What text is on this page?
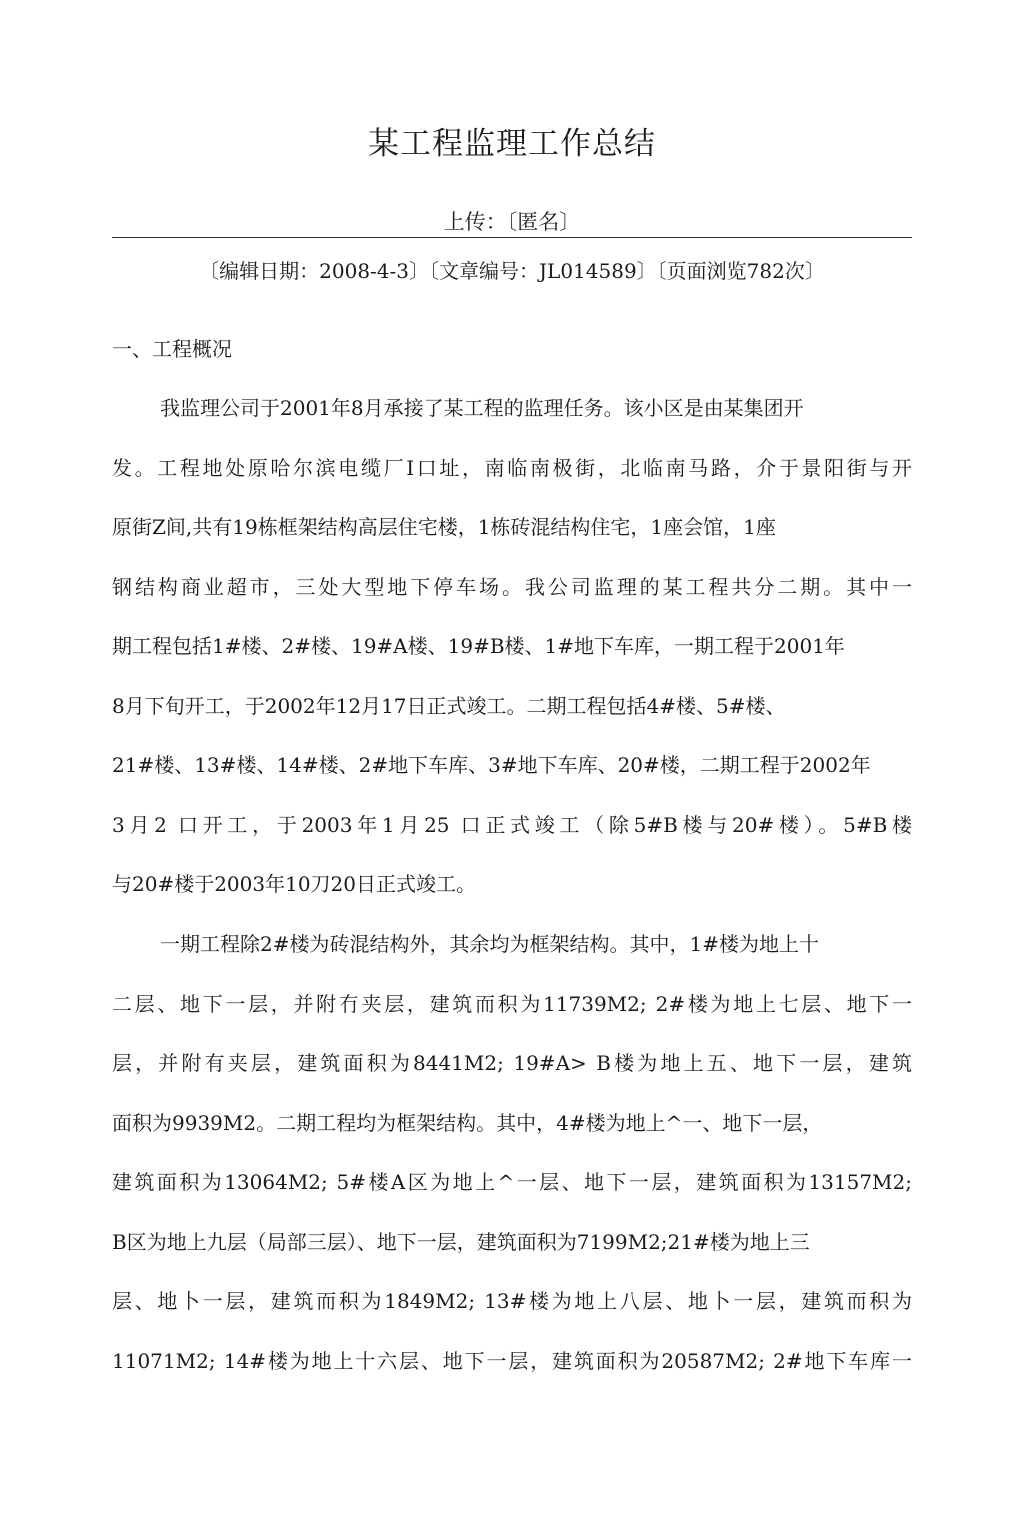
某工程监理工作总结
上传：〔匿名〕
〔编辑日期：2008-4-3〕〔文章编号：JL014589〕〔页面浏览782次〕
一、工程概况
我监理公司于2001年8月承接了某工程的监理任务。该小区是由某集团开
发。工程地处原哈尔滨电缆厂I口址，南临南极街，北临南马路，介于景阳街与开
原街Z间,共有19栋框架结构高层住宅楼，1栋砖混结构住宅，1座会馆，1座
钢结构商业超市，三处大型地下停车场。我公司监理的某工程共分二期。其中一
期工程包括1#楼、2#楼、19#A楼、19#B楼、1#地下车库，一期工程于2001年
8月下旬开工，于2002年12月17日正式竣工。二期工程包括4#楼、5#楼、
21#楼、13#楼、14#楼、2#地下车库、3#地下车库、20#楼，二期工程于2002年
3月2 口开工，于2003年1月25 口正式竣工（除5#B楼与20#楼）。5#B楼
与20#楼于2003年10刀20日正式竣工。
一期工程除2#楼为砖混结构外，其余均为框架结构。其中，1#楼为地上十
二层、地下一层，并附冇夹层，建筑而积为11739M2; 2#楼为地上七层、地下一
层，并附有夹层，建筑面积为8441M2; 19#A> B楼为地上五、地下一层，建筑
面积为9939M2。二期工程均为框架结构。其中，4#楼为地上^一、地下一层，
建筑面积为13064M2; 5#楼A区为地上^一层、地下一层，建筑面积为13157M2;
B区为地上九层（局部三层）、地下一层，建筑面积为7199M2;21#楼为地上三
层、地卜一层，建筑而积为1849M2; 13#楼为地上八层、地卜一层，建筑而积为
11071M2; 14#楼为地上十六层、地下一层，建筑面积为20587M2; 2#地下车库一
